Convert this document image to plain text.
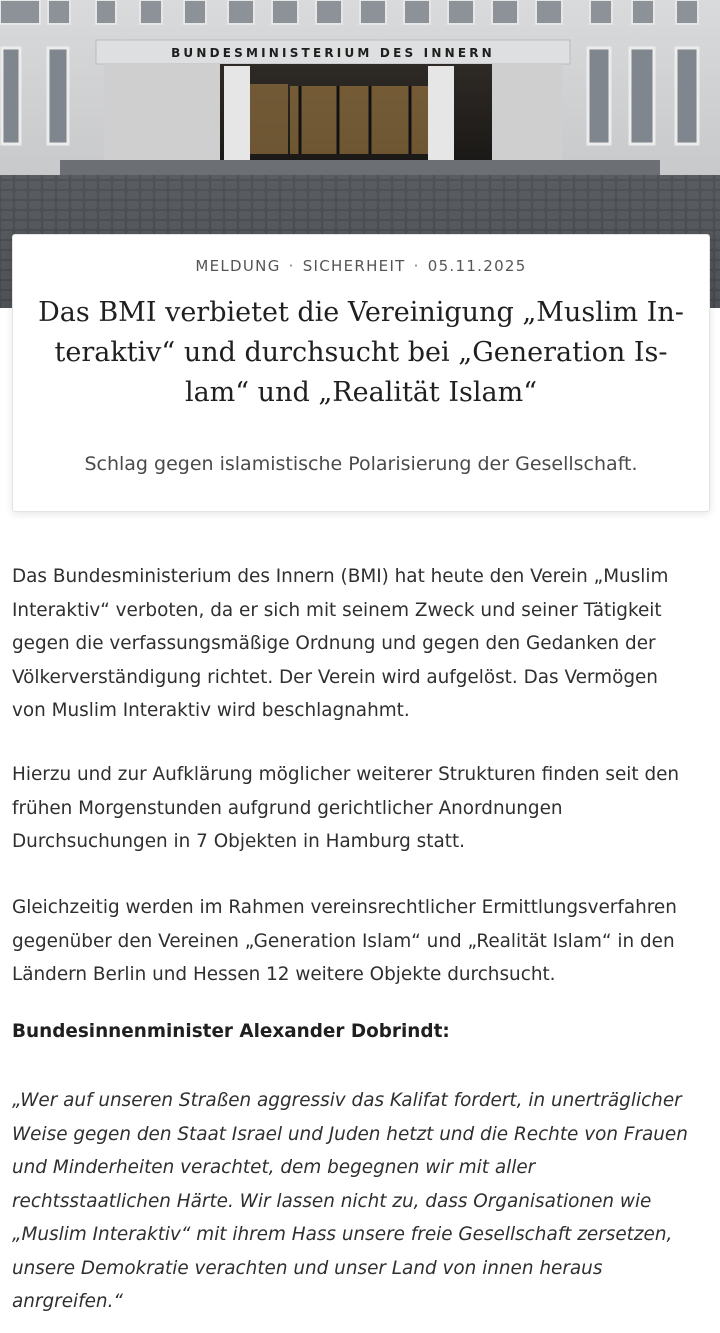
BUNDESMINISTERIUM DES INNERN
MELDUNG · SICHERHEIT · 05.11.2025
Das BMI verbietet die Vereinigung „Muslim In-
teraktiv“ und durchsucht bei „Generation Is-
lam“ und „Realität Islam“
Schlag gegen islamistische Polarisierung der Gesellschaft.

Das Bundesministerium des Innern (BMI) hat heute den Verein „Muslim
Interaktiv“ verboten, da er sich mit seinem Zweck und seiner Tätigkeit
gegen die verfassungsmäßige Ordnung und gegen den Gedanken der
Völkerverständigung richtet. Der Verein wird aufgelöst. Das Vermögen
von Muslim Interaktiv wird beschlagnahmt.

Hierzu und zur Aufklärung möglicher weiterer Strukturen finden seit den
frühen Morgenstunden aufgrund gerichtlicher Anordnungen
Durchsuchungen in 7 Objekten in Hamburg statt.

Gleichzeitig werden im Rahmen vereinsrechtlicher Ermittlungsverfahren
gegenüber den Vereinen „Generation Islam“ und „Realität Islam“ in den
Ländern Berlin und Hessen 12 weitere Objekte durchsucht.

Bundesinnenminister Alexander Dobrindt:

„Wer auf unseren Straßen aggressiv das Kalifat fordert, in unerträglicher
Weise gegen den Staat Israel und Juden hetzt und die Rechte von Frauen
und Minderheiten verachtet, dem begegnen wir mit aller
rechtsstaatlichen Härte. Wir lassen nicht zu, dass Organisationen wie
„Muslim Interaktiv“ mit ihrem Hass unsere freie Gesellschaft zersetzen,
unsere Demokratie verachten und unser Land von innen heraus
anrgreifen.“
